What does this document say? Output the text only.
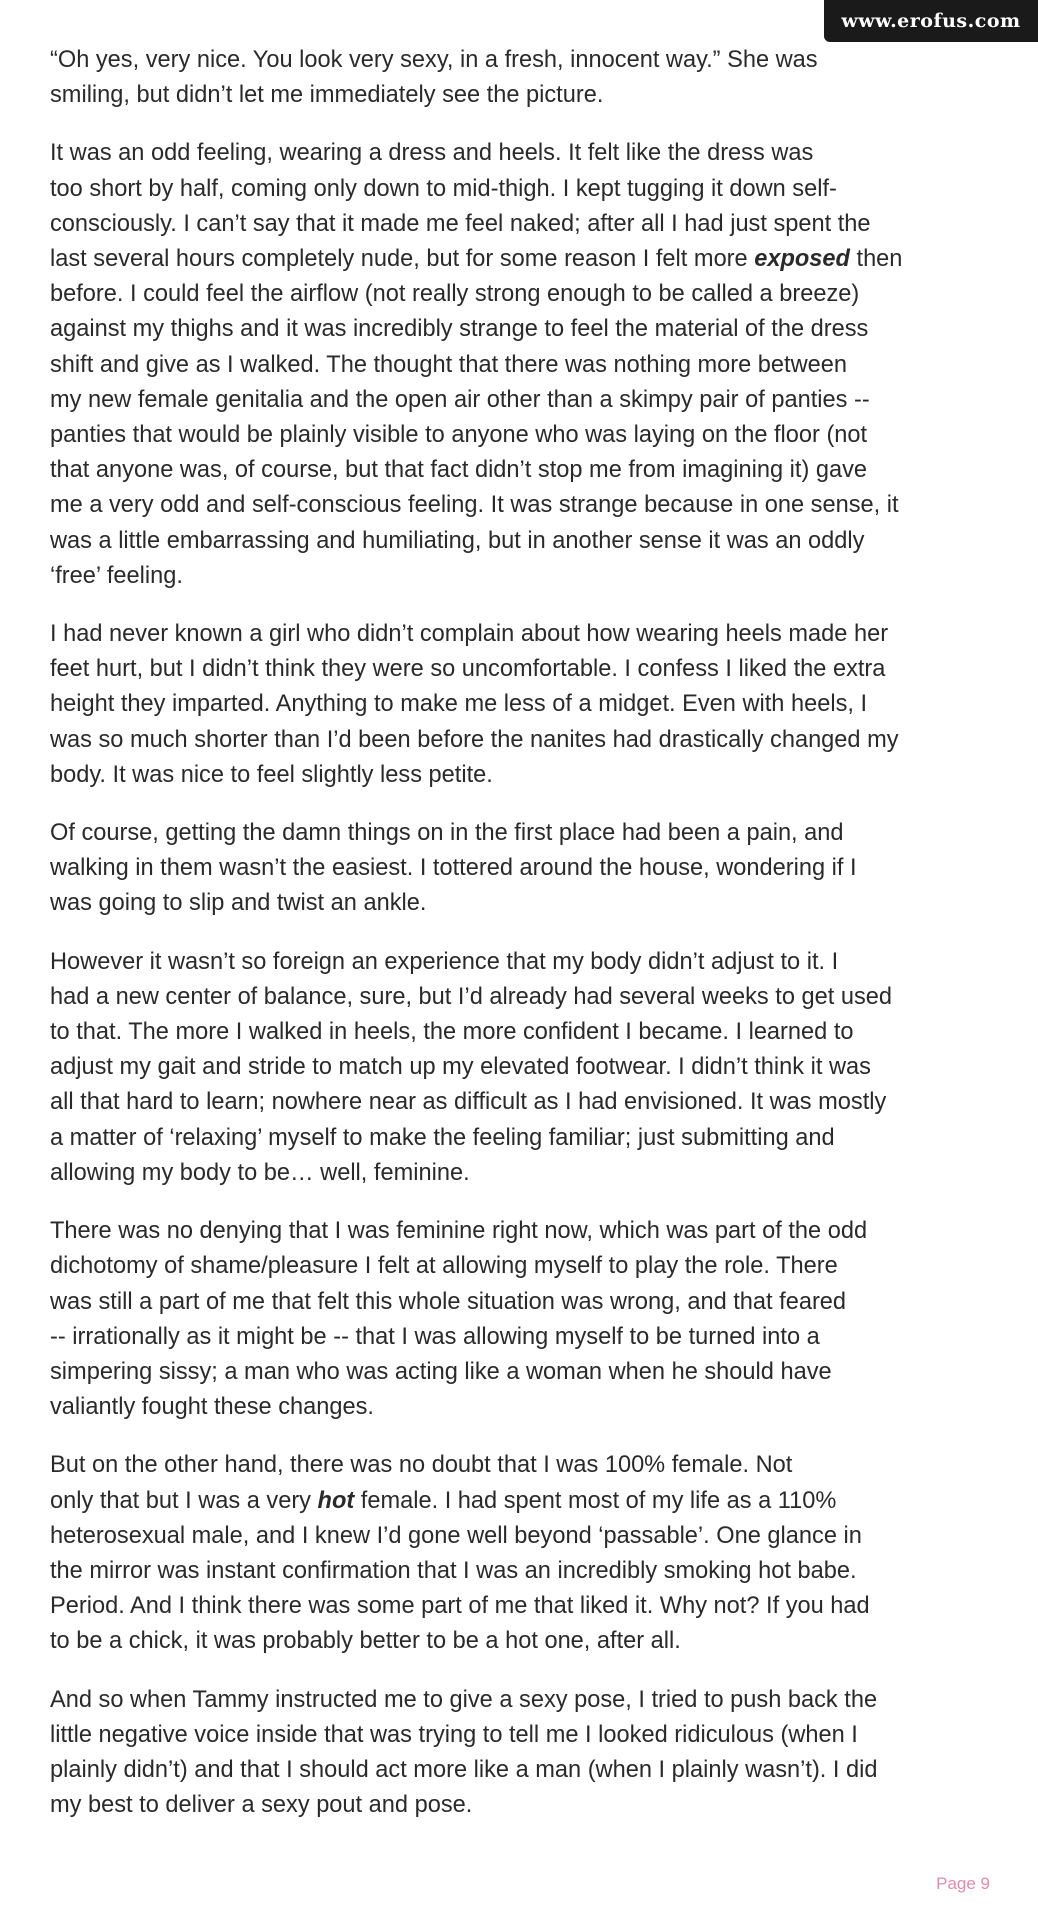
www.erofus.com

“Oh yes, very nice. You look very sexy, in a fresh, innocent way.” She was
smiling, but didn’t let me immediately see the picture.

It was an odd feeling, wearing a dress and heels. It felt like the dress was
too short by half, coming only down to mid-thigh. I kept tugging it down self-
consciously. I can’t say that it made me feel naked; after all I had just spent the
last several hours completely nude, but for some reason I felt more exposed then
before. I could feel the airflow (not really strong enough to be called a breeze)
against my thighs and it was incredibly strange to feel the material of the dress
shift and give as I walked. The thought that there was nothing more between
my new female genitalia and the open air other than a skimpy pair of panties --
panties that would be plainly visible to anyone who was laying on the floor (not
that anyone was, of course, but that fact didn’t stop me from imagining it) gave
me a very odd and self-conscious feeling. It was strange because in one sense, it
was a little embarrassing and humiliating, but in another sense it was an oddly
‘free’ feeling.

I had never known a girl who didn’t complain about how wearing heels made her
feet hurt, but I didn’t think they were so uncomfortable. I confess I liked the extra
height they imparted. Anything to make me less of a midget. Even with heels, I
was so much shorter than I’d been before the nanites had drastically changed my
body. It was nice to feel slightly less petite.

Of course, getting the damn things on in the first place had been a pain, and
walking in them wasn’t the easiest. I tottered around the house, wondering if I
was going to slip and twist an ankle.

However it wasn’t so foreign an experience that my body didn’t adjust to it. I
had a new center of balance, sure, but I’d already had several weeks to get used
to that. The more I walked in heels, the more confident I became. I learned to
adjust my gait and stride to match up my elevated footwear. I didn’t think it was
all that hard to learn; nowhere near as difficult as I had envisioned. It was mostly
a matter of ‘relaxing’ myself to make the feeling familiar; just submitting and
allowing my body to be… well, feminine.

There was no denying that I was feminine right now, which was part of the odd
dichotomy of shame/pleasure I felt at allowing myself to play the role. There
was still a part of me that felt this whole situation was wrong, and that feared
-- irrationally as it might be -- that I was allowing myself to be turned into a
simpering sissy; a man who was acting like a woman when he should have
valiantly fought these changes.

But on the other hand, there was no doubt that I was 100% female. Not
only that but I was a very hot female. I had spent most of my life as a 110%
heterosexual male, and I knew I’d gone well beyond ‘passable’. One glance in
the mirror was instant confirmation that I was an incredibly smoking hot babe.
Period. And I think there was some part of me that liked it. Why not? If you had
to be a chick, it was probably better to be a hot one, after all.

And so when Tammy instructed me to give a sexy pose, I tried to push back the
little negative voice inside that was trying to tell me I looked ridiculous (when I
plainly didn’t) and that I should act more like a man (when I plainly wasn’t). I did
my best to deliver a sexy pout and pose.

Page 9
